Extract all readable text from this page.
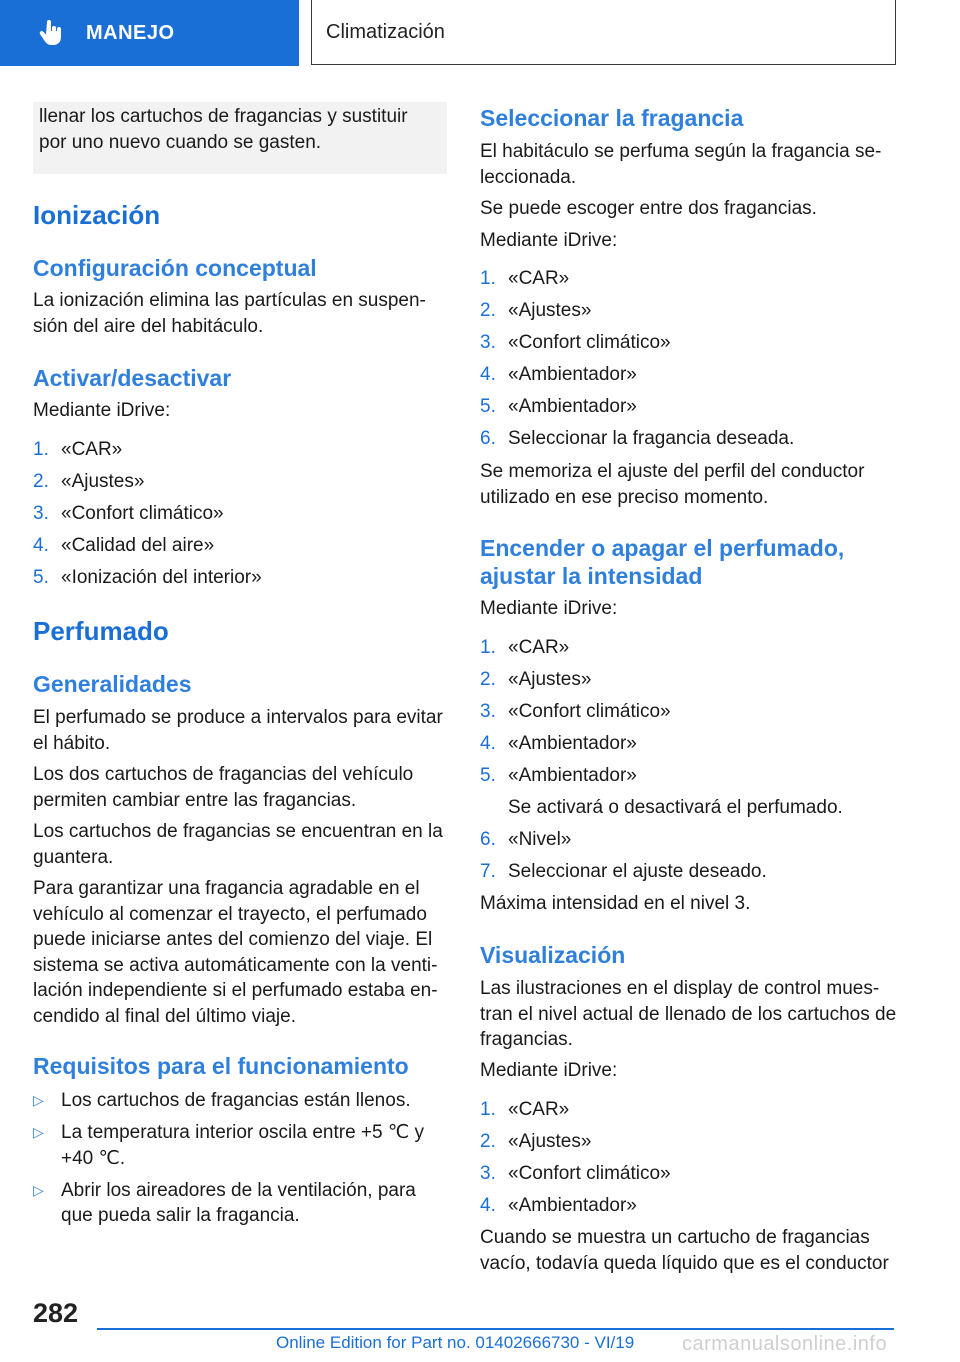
MANEJO	Climatización

llenar los cartuchos de fragancias y sustituir por uno nuevo cuando se gasten.

Ionización
Configuración conceptual

La ionización elimina las partículas en suspen‐ sión del aire del habitáculo.

Activar/desactivar

Mediante iDrive:

1. «CAR»
2. «Ajustes»
3. «Confort climático»
4. «Calidad del aire»
5. «Ionización del interior»
Perfumado
Generalidades

El perfumado se produce a intervalos para evitar el hábito.

Los dos cartuchos de fragancias del vehículo permiten cambiar entre las fragancias.

Los cartuchos de fragancias se encuentran en la guantera.

Para garantizar una fragancia agradable en el vehículo al comenzar el trayecto, el perfumado puede iniciarse antes del comienzo del viaje. El sistema se activa automáticamente con la venti‐ lación independiente si el perfumado estaba en‐ cendido al final del último viaje.

Requisitos para el funcionamiento
▷ Los cartuchos de fragancias están llenos.
▷ La temperatura interior oscila entre +5 ℃ y +40 ℃.
▷ Abrir los aireadores de la ventilación, para que pueda salir la fragancia.
Seleccionar la fragancia

El habitáculo se perfuma según la fragancia se‐ leccionada.

Se puede escoger entre dos fragancias.

Mediante iDrive:

1. «CAR»
2. «Ajustes»
3. «Confort climático»
4. «Ambientador»
5. «Ambientador»
6. Seleccionar la fragancia deseada.

Se memoriza el ajuste del perfil del conductor utilizado en ese preciso momento.

Encender o apagar el perfumado, ajustar la intensidad

Mediante iDrive:

1. «CAR»
2. «Ajustes»
3. «Confort climático»
4. «Ambientador»
5. «Ambientador»
Se activará o desactivará el perfumado.
6. «Nivel»
7. Seleccionar el ajuste deseado.

Máxima intensidad en el nivel 3.

Visualización

Las ilustraciones en el display de control mues‐ tran el nivel actual de llenado de los cartuchos de fragancias.

Mediante iDrive:

1. «CAR»
2. «Ajustes»
3. «Confort climático»
4. «Ambientador»

Cuando se muestra un cartucho de fragancias vacío, todavía queda líquido que es el conductor

282
Online Edition for Part no. 01402666730 - VI/19 carmanualsonline.info
